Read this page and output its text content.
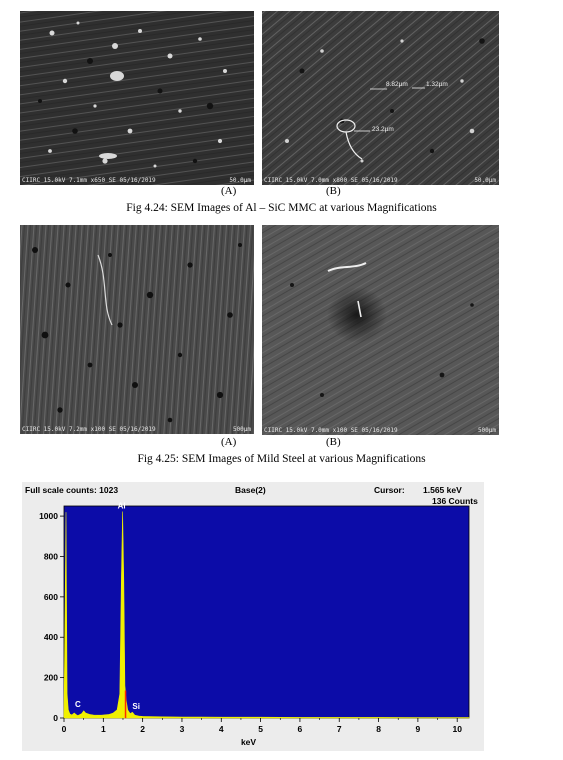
CIIRC 15.0kV 7.1mm x650 SE 05/16/2019	50.0µm
8.82µm	1.32µm
23.2µm
CIIRC 15.0kV 7.0mm x800 SE 05/16/2019	50.0µm
(A)	(B)
Fig 4.24: SEM Images of Al – SiC MMC at various Magnifications
CIIRC 15.0kV 7.2mm x100 SE 05/16/2019	500µm CIIRC 15.0kV 7.0mm x100 SE 05/16/2019	500µm
(A)	(B)
Fig 4.25: SEM Images of Mild Steel at various Magnifications
Full scale counts: 1023	Base(2)	Cursor: 1.565 keV
136 Counts
0
200
400
600
800
1000
0	1	2	3	4	5	6	7	8	9	10
keV
C
Al
Si
